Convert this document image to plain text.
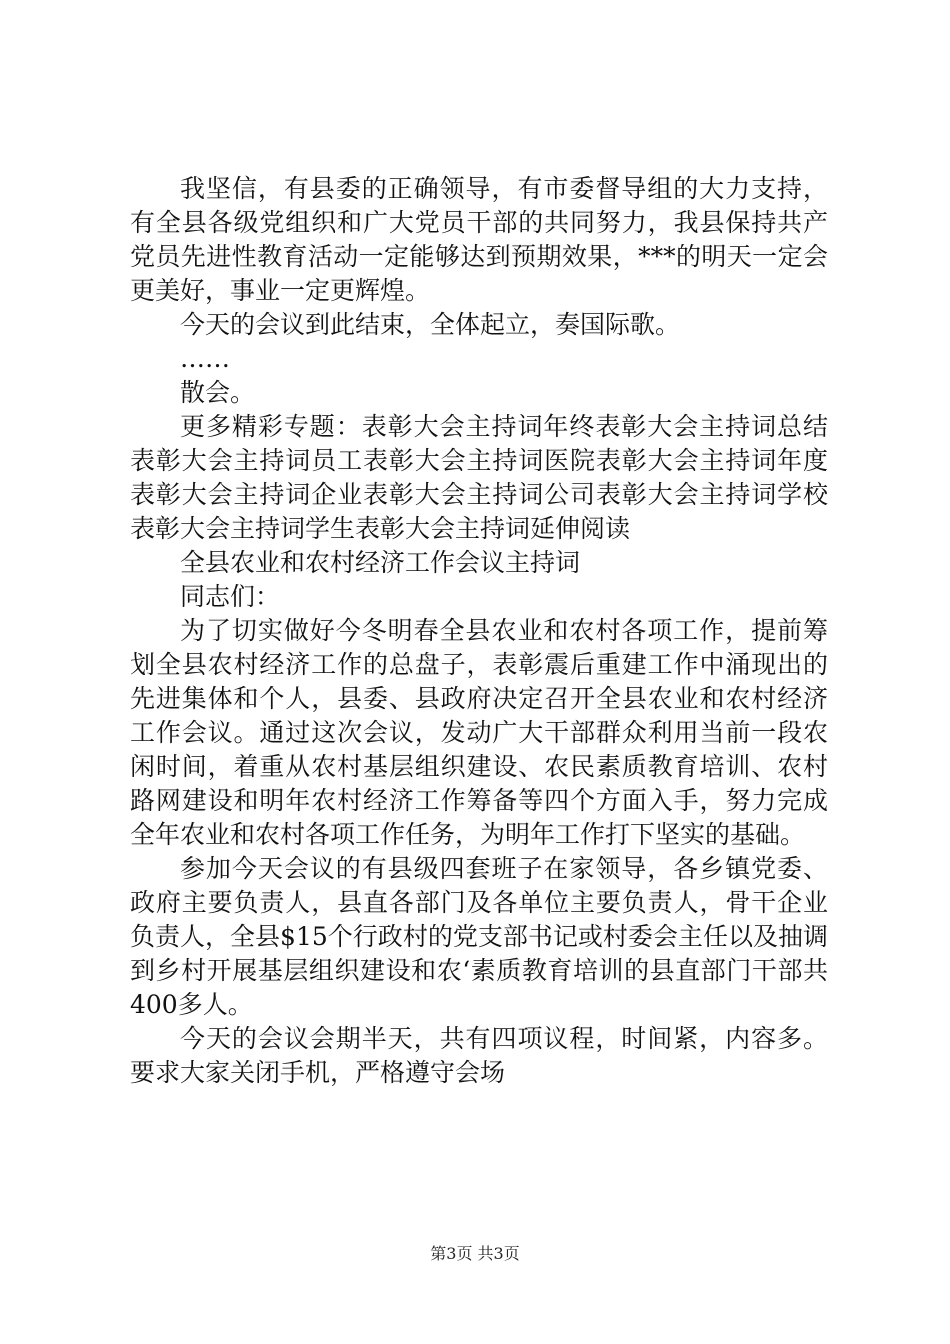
我坚信，有县委的正确领导，有市委督导组的大力支持，有全县各级党组织和广大党员干部的共同努力，我县保持共产党员先进性教育活动一定能够达到预期效果，***的明天一定会更美好，事业一定更辉煌。

今天的会议到此结束，全体起立，奏国际歌。

……

散会。

更多精彩专题：表彰大会主持词年终表彰大会主持词总结表彰大会主持词员工表彰大会主持词医院表彰大会主持词年度表彰大会主持词企业表彰大会主持词公司表彰大会主持词学校表彰大会主持词学生表彰大会主持词延伸阅读

全县农业和农村经济工作会议主持词

同志们：

为了切实做好今冬明春全县农业和农村各项工作，提前筹划全县农村经济工作的总盘子，表彰震后重建工作中涌现出的先进集体和个人，县委、县政府决定召开全县农业和农村经济工作会议。通过这次会议，发动广大干部群众利用当前一段农闲时间，着重从农村基层组织建设、农民素质教育培训、农村路网建设和明年农村经济工作筹备等四个方面入手，努力完成全年农业和农村各项工作任务，为明年工作打下坚实的基础。

参加今天会议的有县级四套班子在家领导，各乡镇党委、政府主要负责人，县直各部门及各单位主要负责人，骨干企业负责人，全县$15个行政村的党支部书记或村委会主任以及抽调到乡村开展基层组织建设和农‘素质教育培训的县直部门干部共400多人。

今天的会议会期半天，共有四项议程，时间紧，内容多。要求大家关闭手机，严格遵守会场

第3页 共3页
